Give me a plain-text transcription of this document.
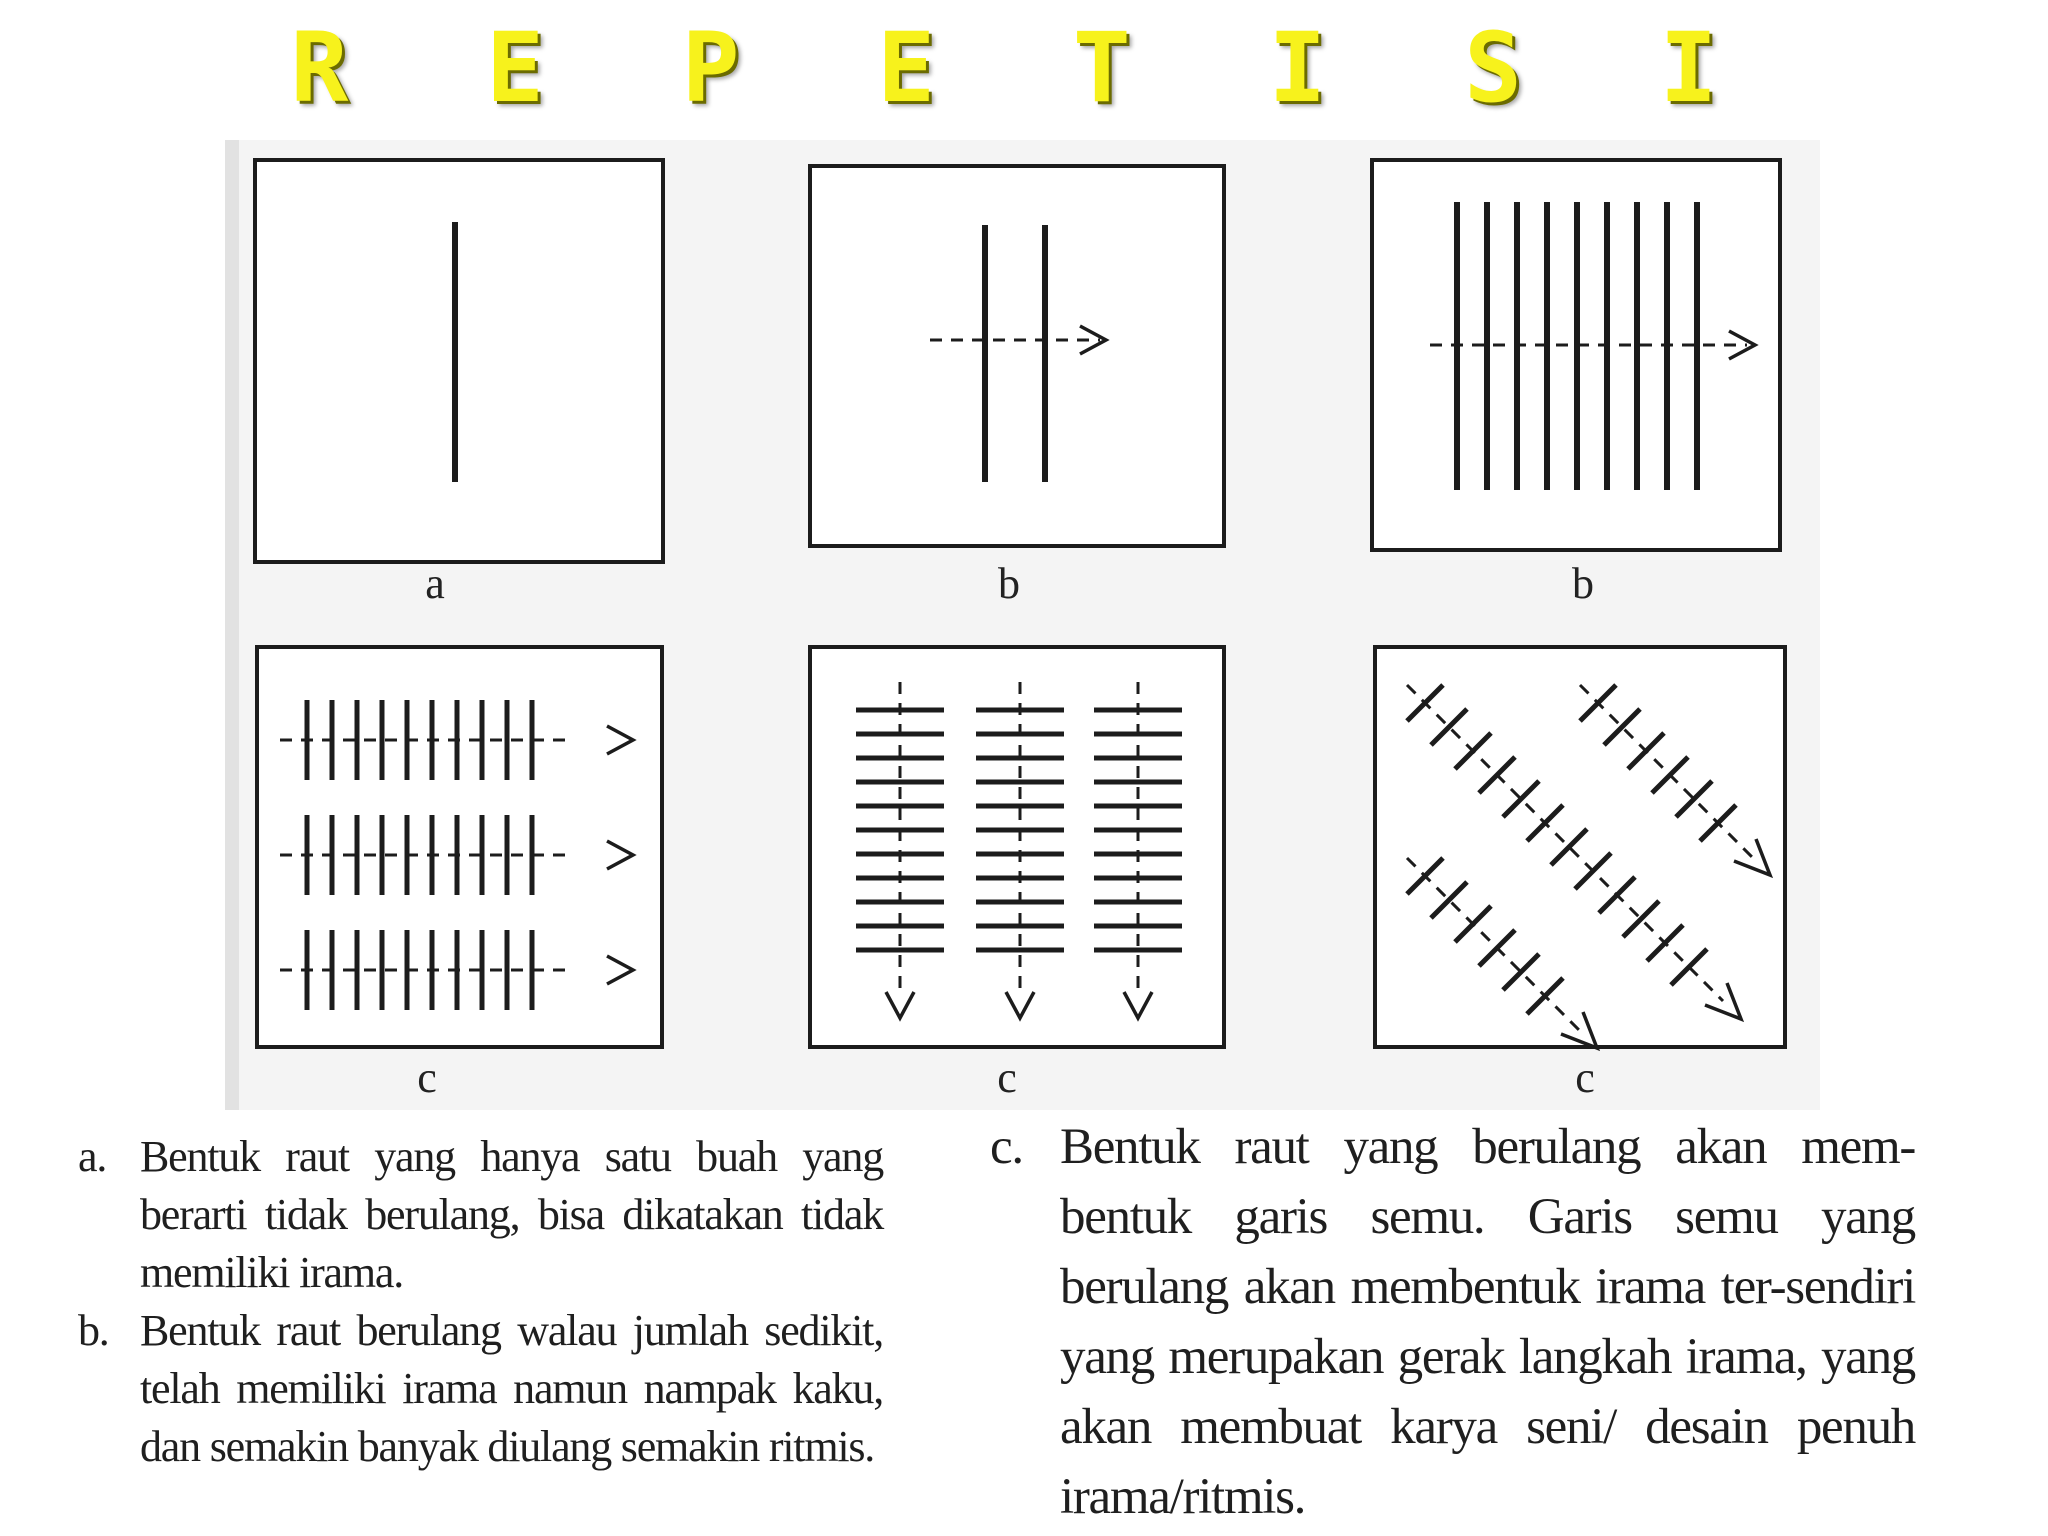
R E P E T I S I
a	b	b
c	c	c
a. Bentuk raut yang hanya satu buah yang berarti tidak berulang, bisa dikatakan tidak memiliki irama.
b. Bentuk raut berulang walau jumlah sedikit, telah memiliki irama namun nampak kaku, dan semakin banyak diulang semakin ritmis.
c. Bentuk raut yang berulang akan mem-bentuk garis semu. Garis semu yang berulang akan membentuk irama ter-sendiri yang merupakan gerak langkah irama, yang akan membuat karya seni/ desain penuh irama/ritmis.
